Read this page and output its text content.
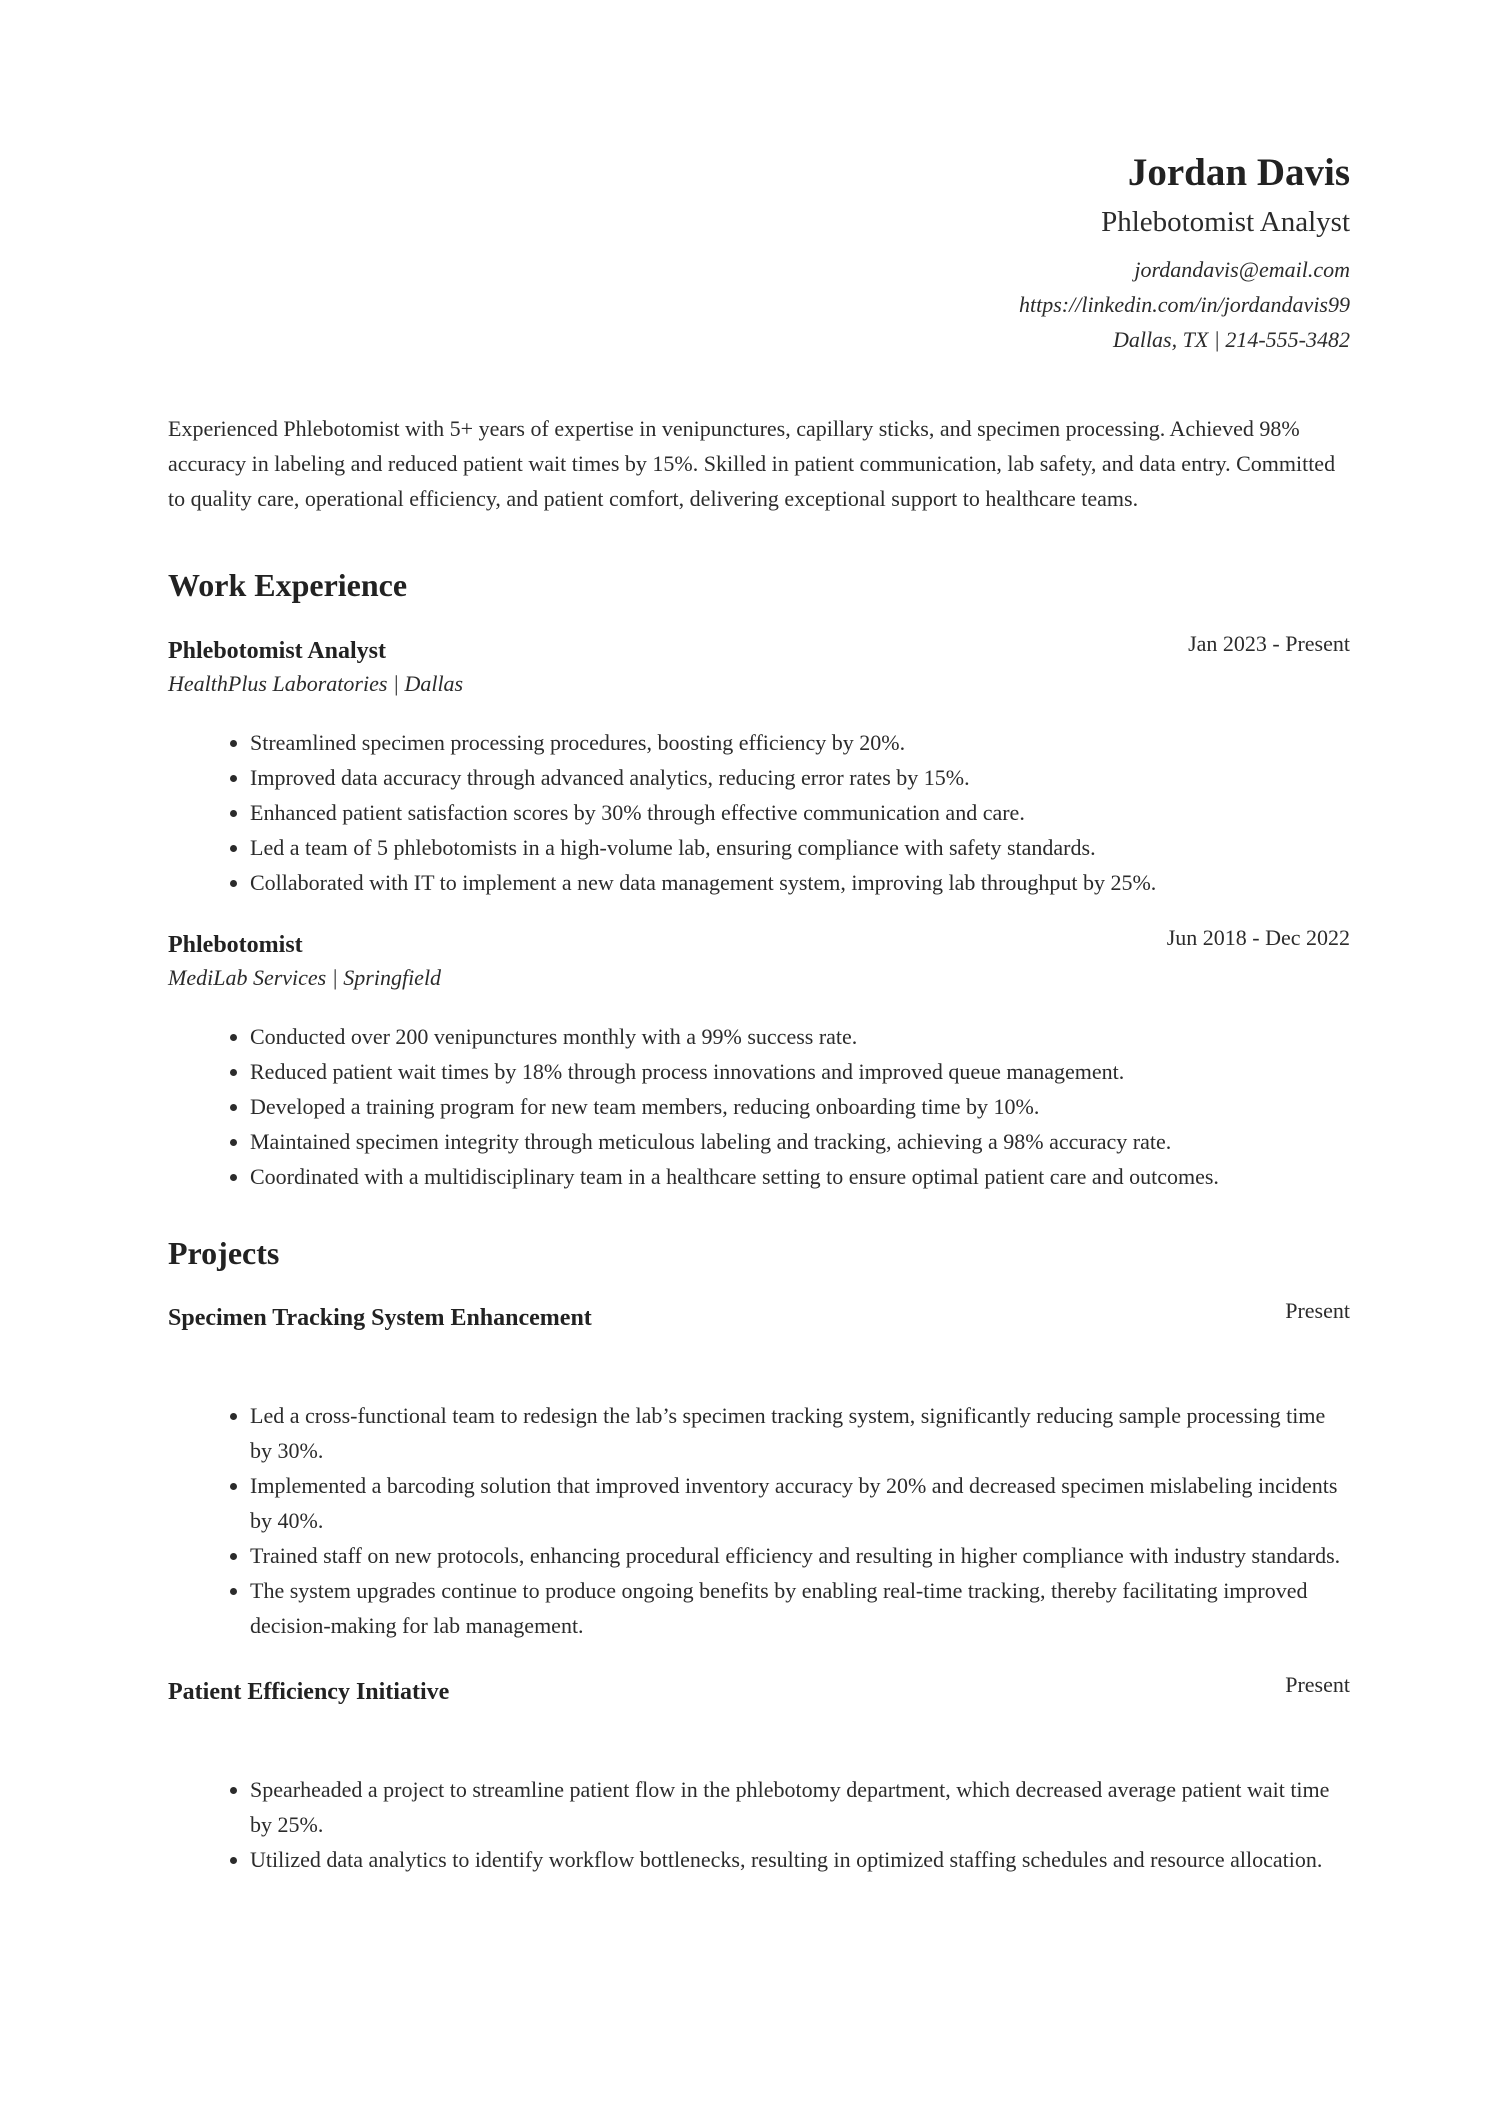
Jordan Davis
Phlebotomist Analyst
jordandavis@email.com
https://linkedin.com/in/jordandavis99
Dallas, TX | 214-555-3482
Experienced Phlebotomist with 5+ years of expertise in venipunctures, capillary sticks, and specimen processing. Achieved 98% accuracy in labeling and reduced patient wait times by 15%. Skilled in patient communication, lab safety, and data entry. Committed to quality care, operational efficiency, and patient comfort, delivering exceptional support to healthcare teams.
Work Experience
Phlebotomist Analyst	Jan 2023 - Present
HealthPlus Laboratories | Dallas
• Streamlined specimen processing procedures, boosting efficiency by 20%.
• Improved data accuracy through advanced analytics, reducing error rates by 15%.
• Enhanced patient satisfaction scores by 30% through effective communication and care.
• Led a team of 5 phlebotomists in a high-volume lab, ensuring compliance with safety standards.
• Collaborated with IT to implement a new data management system, improving lab throughput by 25%.
Phlebotomist	Jun 2018 - Dec 2022
MediLab Services | Springfield
• Conducted over 200 venipunctures monthly with a 99% success rate.
• Reduced patient wait times by 18% through process innovations and improved queue management.
• Developed a training program for new team members, reducing onboarding time by 10%.
• Maintained specimen integrity through meticulous labeling and tracking, achieving a 98% accuracy rate.
• Coordinated with a multidisciplinary team in a healthcare setting to ensure optimal patient care and outcomes.
Projects
Specimen Tracking System Enhancement	Present
• Led a cross-functional team to redesign the lab’s specimen tracking system, significantly reducing sample processing time by 30%.
• Implemented a barcoding solution that improved inventory accuracy by 20% and decreased specimen mislabeling incidents by 40%.
• Trained staff on new protocols, enhancing procedural efficiency and resulting in higher compliance with industry standards.
• The system upgrades continue to produce ongoing benefits by enabling real-time tracking, thereby facilitating improved decision-making for lab management.
Patient Efficiency Initiative	Present
• Spearheaded a project to streamline patient flow in the phlebotomy department, which decreased average patient wait time by 25%.
• Utilized data analytics to identify workflow bottlenecks, resulting in optimized staffing schedules and resource allocation.
